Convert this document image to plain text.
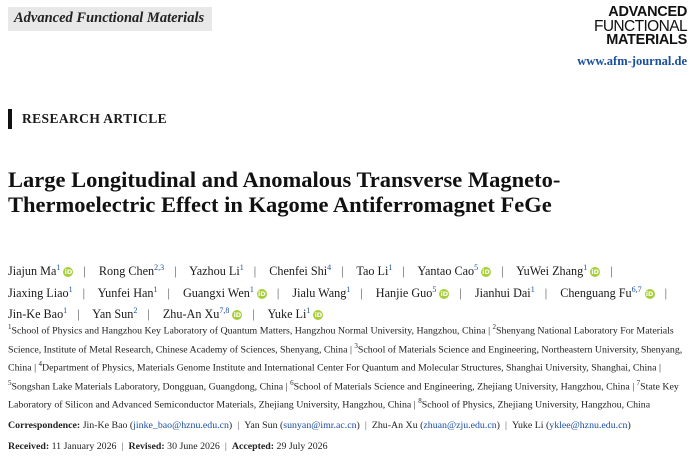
Advanced Functional Materials	ADVANCED
FUNCTIONAL
MATERIALS
www.afm-journal.de
RESEARCH ARTICLE
Large Longitudinal and Anomalous Transverse Magneto-Thermoelectric Effect in Kagome Antiferromagnet FeGe
Jiajun Ma$^1$iD | Rong Chen$^{2,3}$ | Yazhou Li$^1$ | Chenfei Shi$^4$ | Tao Li$^1$ | Yantao Cao$^5$iD | YuWei Zhang$^1$iD | Jiaxing Liao$^1$ | Yunfei Han$^1$ | Guangxi Wen$^1$iD | Jialu Wang$^1$ | Hanjie Guo$^5$iD | Jianhui Dai$^1$ | Chenguang Fu$^{6,7}$iD | Jin-Ke Bao$^1$ | Yan Sun$^2$ | Zhu-An Xu$^{7,8}$iD | Yuke Li$^1$iD
$^1$School of Physics and Hangzhou Key Laboratory of Quantum Matters, Hangzhou Normal University, Hangzhou, China | $^2$Shenyang National Laboratory For Materials Science, Institute of Metal Research, Chinese Academy of Sciences, Shenyang, China | $^3$School of Materials Science and Engineering, Northeastern University, Shenyang, China | $^4$Department of Physics, Materials Genome Institute and International Center For Quantum and Molecular Structures, Shanghai University, Shanghai, China | $^5$Songshan Lake Materials Laboratory, Dongguan, Guangdong, China | $^6$School of Materials Science and Engineering, Zhejiang University, Hangzhou, China | $^7$State Key Laboratory of Silicon and Advanced Semiconductor Materials, Zhejiang University, Hangzhou, China | $^8$School of Physics, Zhejiang University, Hangzhou, China
Correspondence: Jin-Ke Bao (jinke_bao@hznu.edu.cn) | Yan Sun (sunyan@imr.ac.cn) | Zhu-An Xu (zhuan@zju.edu.cn) | Yuke Li (yklee@hznu.edu.cn)
Received: 11 January 2026 | Revised: 30 June 2026 | Accepted: 29 July 2026
